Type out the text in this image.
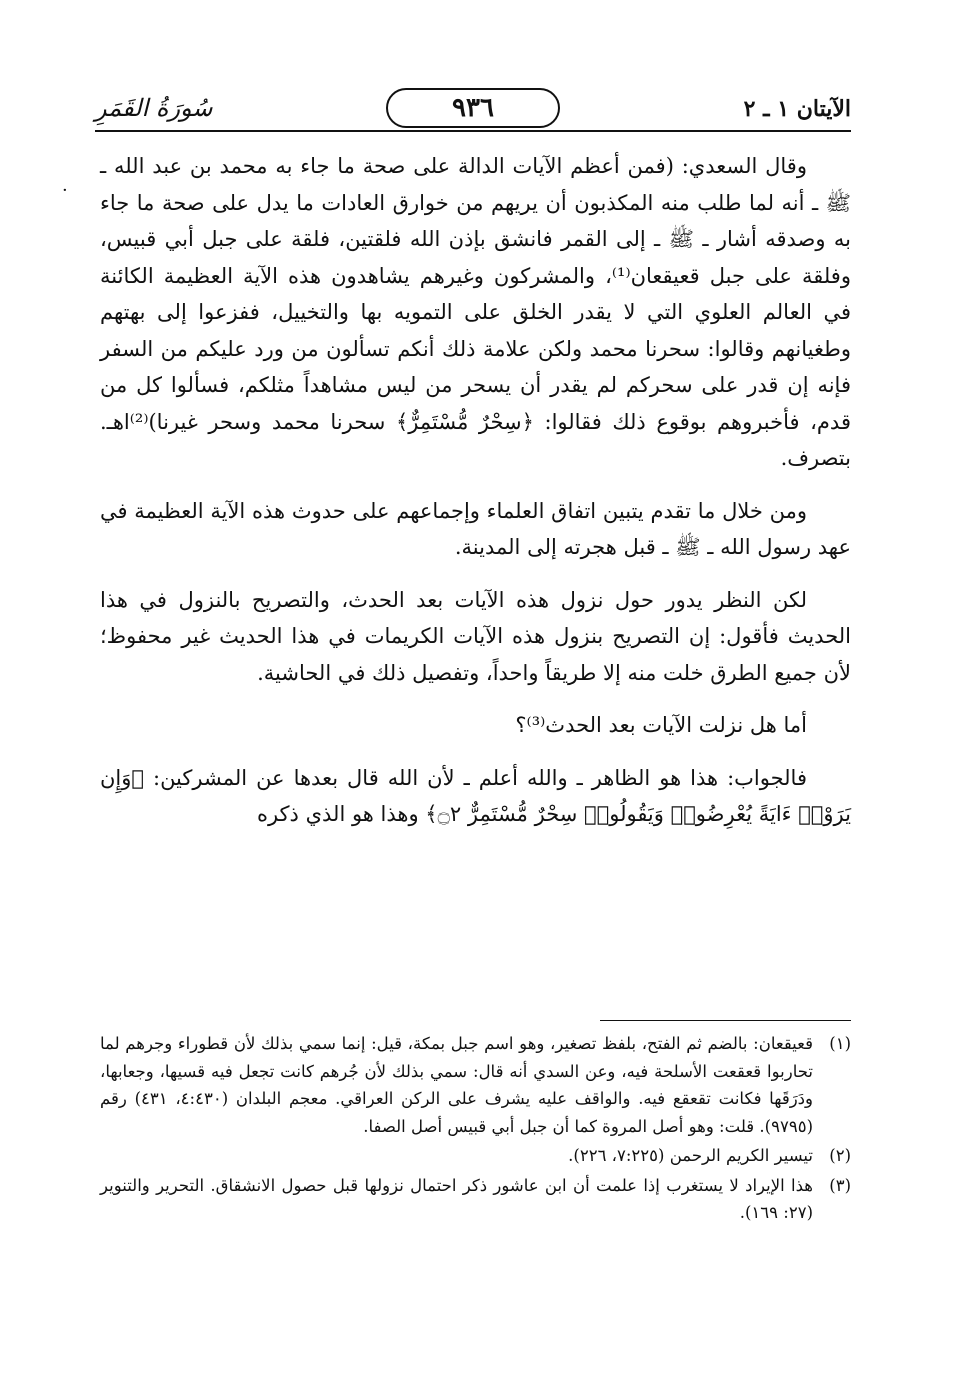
الآيتان ١ ـ ٢
٩٣٦
سُورَةُ القَمَرِ
·

وقال السعدي: (فمن أعظم الآيات الدالة على صحة ما جاء به محمد بن عبد الله ـ ﷺ ـ أنه لما طلب منه المكذبون أن يريهم من خوارق العادات ما يدل على صحة ما جاء به وصدقه أشار ـ ﷺ ـ إلى القمر فانشق بإذن الله فلقتين، فلقة على جبل أبي قبيس، وفلقة على جبل قعيقعان⁽¹⁾، والمشركون وغيرهم يشاهدون هذه الآية العظيمة الكائنة في العالم العلوي التي لا يقدر الخلق على التمويه بها والتخييل، ففزعوا إلى بهتهم وطغيانهم وقالوا: سحرنا محمد ولكن علامة ذلك أنكم تسألون من ورد عليكم من السفر فإنه إن قدر على سحركم لم يقدر أن يسحر من ليس مشاهداً مثلكم، فسألوا كل من قدم، فأخبروهم بوقوع ذلك فقالوا: ﴿سِحْرٌ مُّسْتَمِرٌّ﴾ سحرنا محمد وسحر غيرنا)⁽²⁾اهـ. بتصرف.

ومن خلال ما تقدم يتبين اتفاق العلماء وإجماعهم على حدوث هذه الآية العظيمة في عهد رسول الله ـ ﷺ ـ قبل هجرته إلى المدينة.

لكن النظر يدور حول نزول هذه الآيات بعد الحدث، والتصريح بالنزول في هذا الحديث فأقول: إن التصريح بنزول هذه الآيات الكريمات في هذا الحديث غير محفوظ؛ لأن جميع الطرق خلت منه إلا طريقاً واحداً، وتفصيل ذلك في الحاشية.

أما هل نزلت الآيات بعد الحدث⁽³⁾؟

فالجواب: هذا هو الظاهر ـ والله أعلم ـ لأن الله قال بعدها عن المشركين: ﴿وَإِن يَرَوْا۟ ءَايَةً يُعْرِضُوا۟ وَيَقُولُوا۟ سِحْرٌ مُّسْتَمِرٌّ ۝٢﴾ وهذا هو الذي ذكره

(١)
قعيقعان: بالضم ثم الفتح، بلفظ تصغير، وهو اسم جبل بمكة، قيل: إنما سمي بذلك لأن قطوراء وجرهم لما تحاربوا قعقعت الأسلحة فيه، وعن السدي أنه قال: سمي بذلك لأن جُرهم كانت تجعل فيه قسيها، وجعابها، ودَرَقَها فكانت تقعقع فيه. والواقف عليه يشرف على الركن العراقي. معجم البلدان (٤:٤٣٠، ٤٣١) رقم (٩٧٩٥). قلت: وهو أصل المروة كما أن جبل أبي قبيس أصل الصفا.
(٢)
تيسير الكريم الرحمن (٧:٢٢٥، ٢٢٦).
(٣)
هذا الإيراد لا يستغرب إذا علمت أن ابن عاشور ذكر احتمال نزولها قبل حصول الانشقاق. التحرير والتنوير (٢٧: ١٦٩).
